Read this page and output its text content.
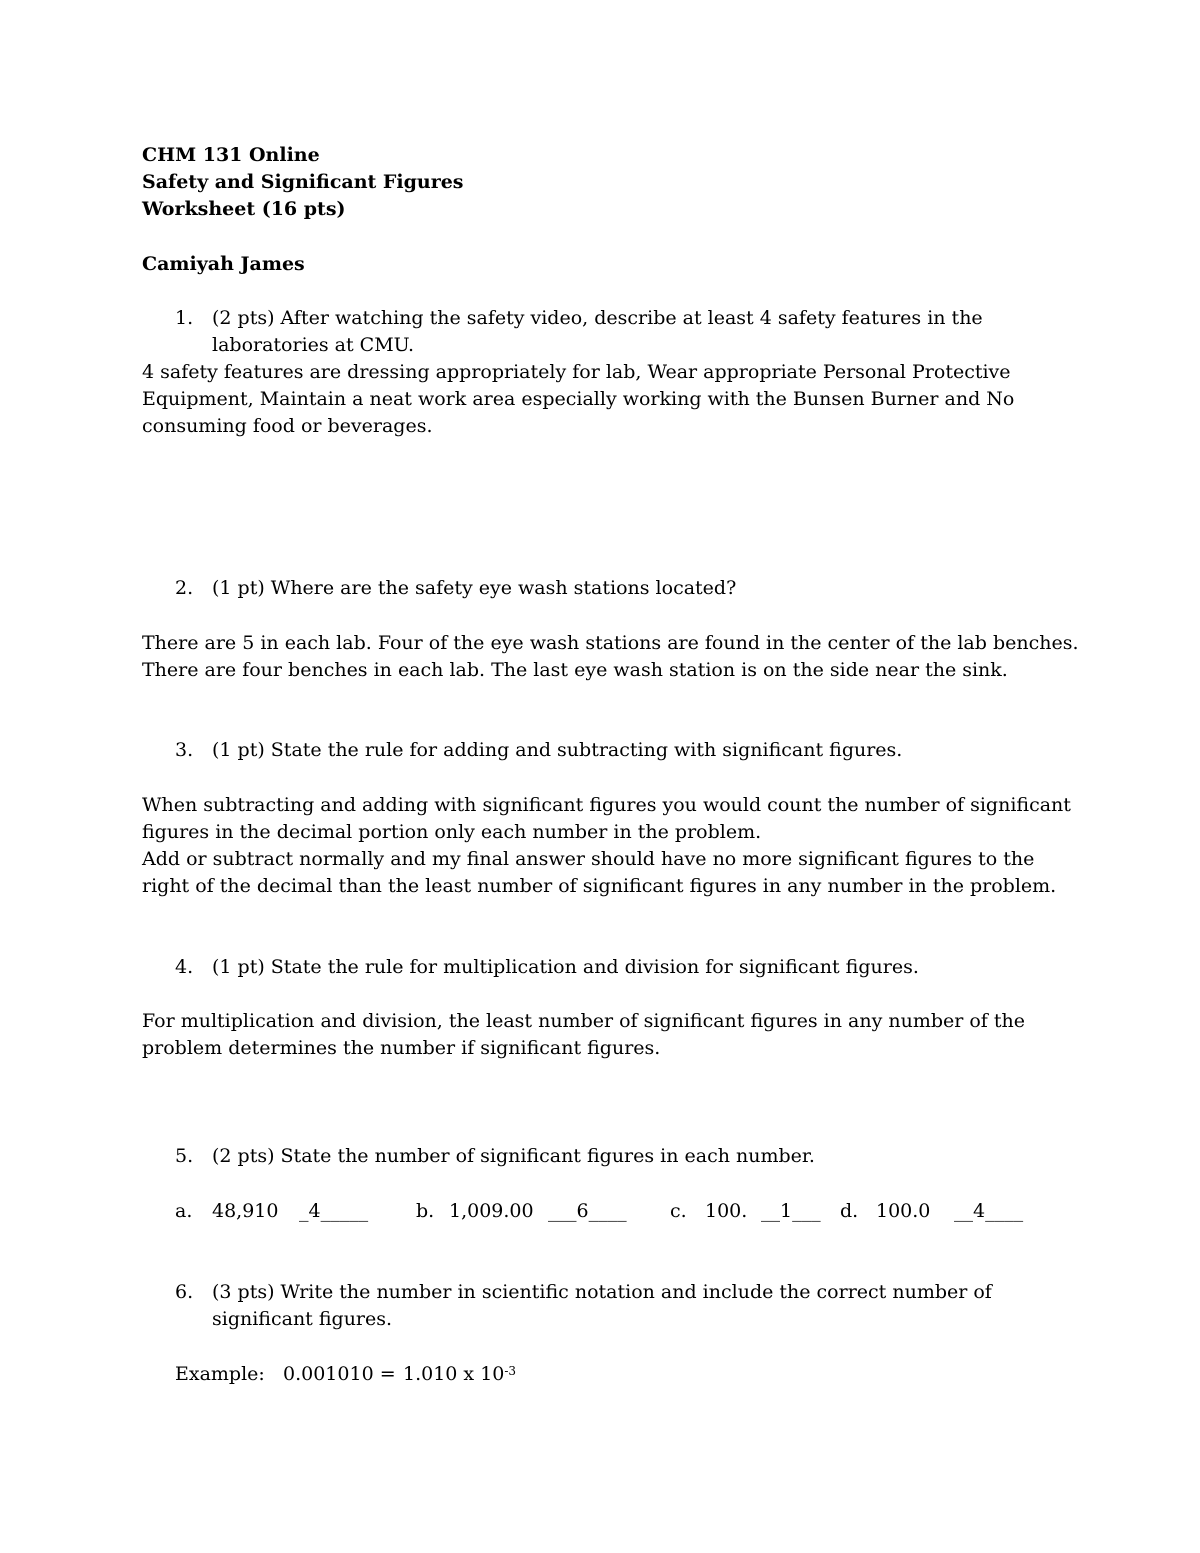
CHM 131 Online
Safety and Significant Figures
Worksheet (16 pts)
Camiyah James
1. (2 pts) After watching the safety video, describe at least 4 safety features in the
laboratories at CMU.
4 safety features are dressing appropriately for lab, Wear appropriate Personal Protective
Equipment, Maintain a neat work area especially working with the Bunsen Burner and No
consuming food or beverages.
2. (1 pt) Where are the safety eye wash stations located?
There are 5 in each lab. Four of the eye wash stations are found in the center of the lab benches.
There are four benches in each lab. The last eye wash station is on the side near the sink.
3. (1 pt) State the rule for adding and subtracting with significant figures.
When subtracting and adding with significant figures you would count the number of significant
figures in the decimal portion only each number in the problem.
Add or subtract normally and my final answer should have no more significant figures to the
right of the decimal than the least number of significant figures in any number in the problem.
4. (1 pt) State the rule for multiplication and division for significant figures.
For multiplication and division, the least number of significant figures in any number of the
problem determines the number if significant figures.
5. (2 pts) State the number of significant figures in each number.
a. 48,910 _4_____	b. 1,009.00 ___6____ c. 100. __1___ d. 100.0 __4____
6. (3 pts) Write the number in scientific notation and include the correct number of
significant figures.
Example: 0.001010 = 1.010 x $10^{-3}$
